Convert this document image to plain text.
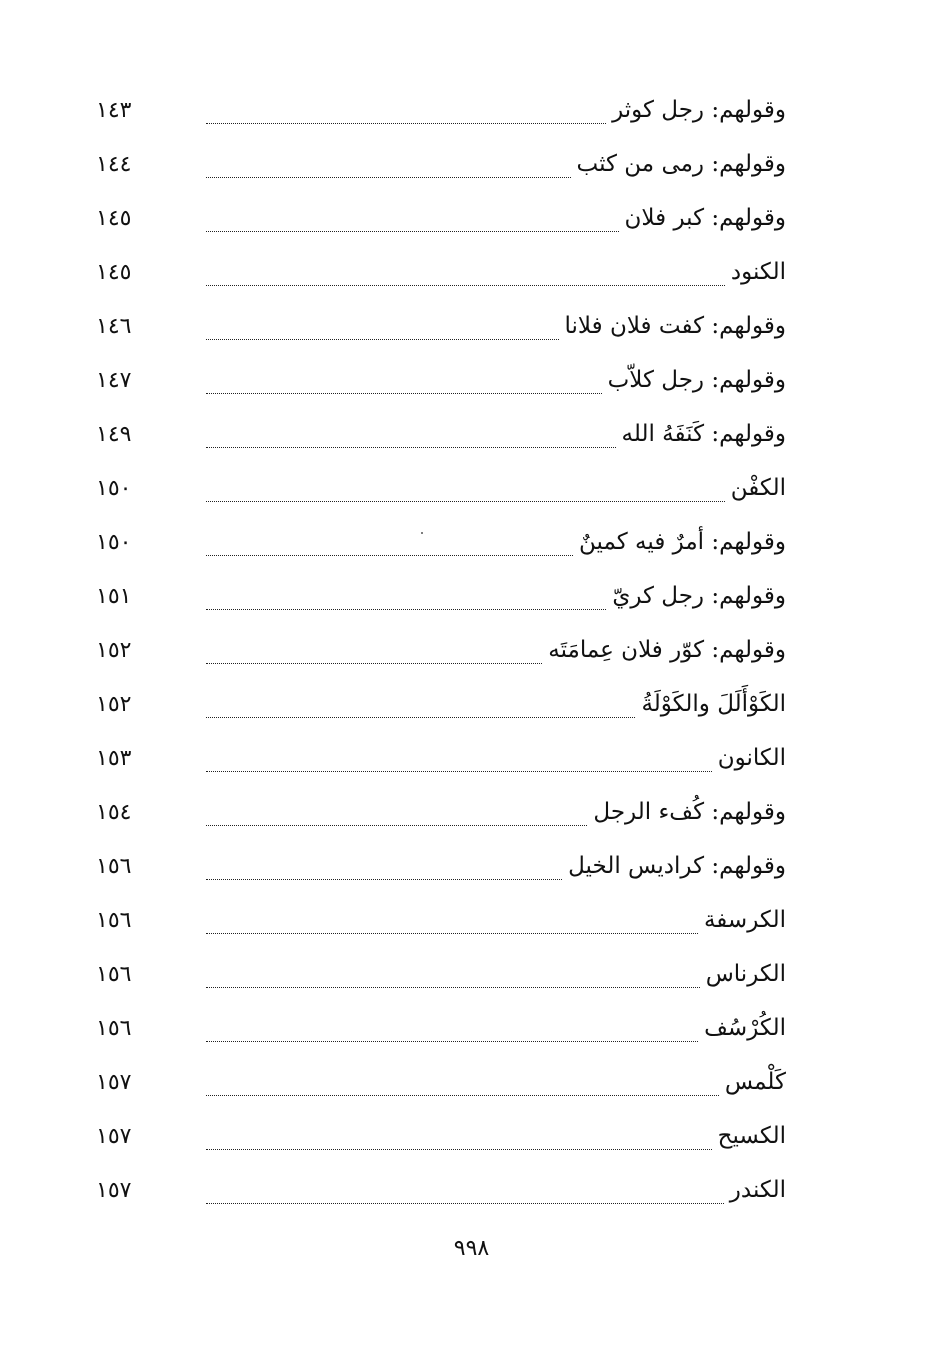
وقولهم: رجل كوثر
١٤٣
وقولهم: رمى من كثب
١٤٤
وقولهم: كبر فلان
١٤٥
الكنود
١٤٥
وقولهم: كفت فلان فلانا
١٤٦
وقولهم: رجل كلاّب
١٤٧
وقولهم: كَنَفَهُ الله
١٤٩
الكفْن
١٥٠
وقولهم: أمرٌ فيه كمينٌ
١٥٠
وقولهم: رجل كريّ
١٥١
وقولهم: كوّر فلان عِمامَتَه
١٥٢
الكَوْأَلَلَ والكَوْلَةُ
١٥٢
الكانون
١٥٣
وقولهم: كُفء الرجل
١٥٤
وقولهم: كراديس الخيل
١٥٦
الكرسفة
١٥٦
الكرناس
١٥٦
الكُرْسُف
١٥٦
كَلْمس
١٥٧
الكسيح
١٥٧
الكندر
١٥٧
٩٩٨
